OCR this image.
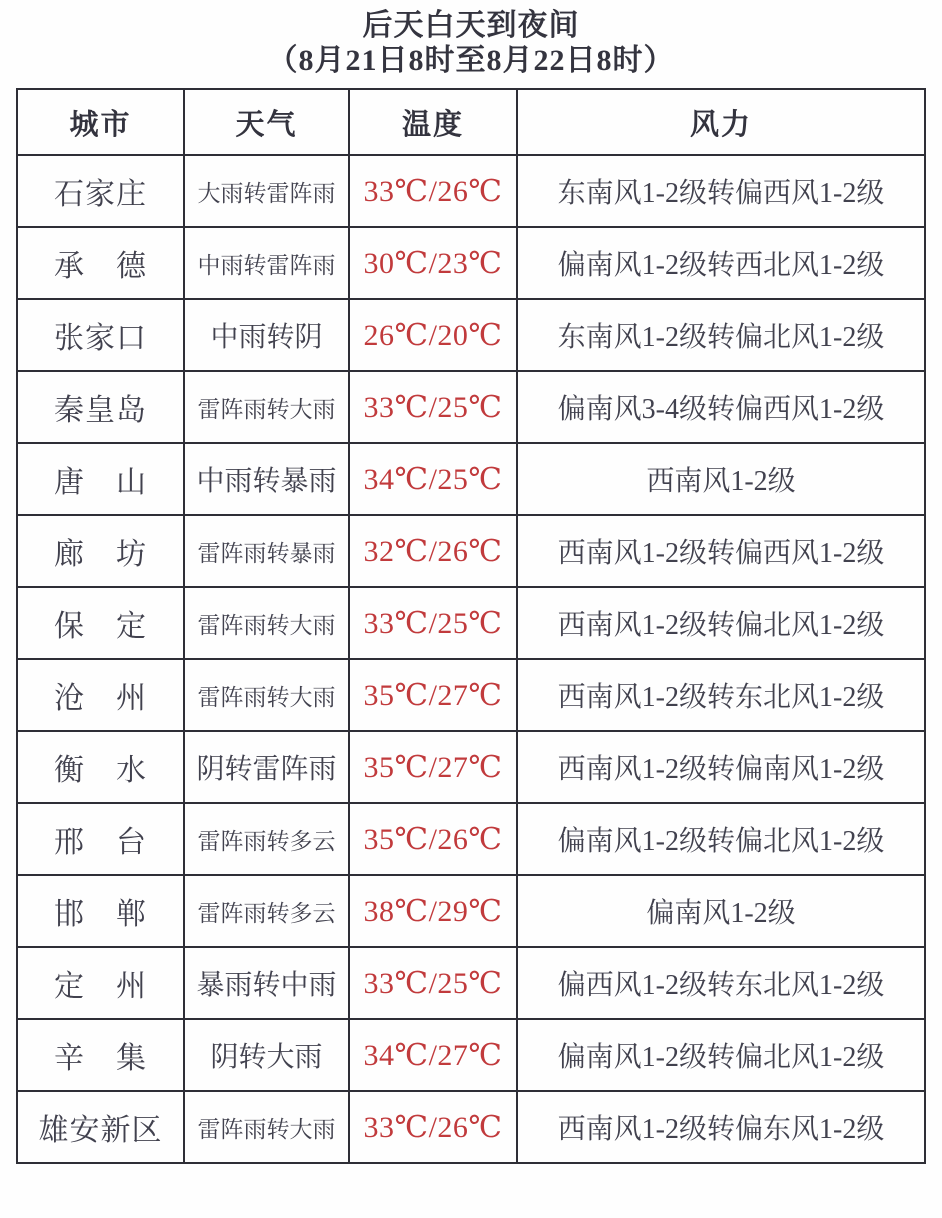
后天白天到夜间
（8月21日8时至8月22日8时）
城市	天气	温度	风力
石家庄	大雨转雷阵雨	33℃/26℃	东南风1-2级转偏西风1-2级
承　德	中雨转雷阵雨	30℃/23℃	偏南风1-2级转西北风1-2级
张家口	中雨转阴	26℃/20℃	东南风1-2级转偏北风1-2级
秦皇岛	雷阵雨转大雨	33℃/25℃	偏南风3-4级转偏西风1-2级
唐　山	中雨转暴雨	34℃/25℃	西南风1-2级
廊　坊	雷阵雨转暴雨	32℃/26℃	西南风1-2级转偏西风1-2级
保　定	雷阵雨转大雨	33℃/25℃	西南风1-2级转偏北风1-2级
沧　州	雷阵雨转大雨	35℃/27℃	西南风1-2级转东北风1-2级
衡　水	阴转雷阵雨	35℃/27℃	西南风1-2级转偏南风1-2级
邢　台	雷阵雨转多云	35℃/26℃	偏南风1-2级转偏北风1-2级
邯　郸	雷阵雨转多云	38℃/29℃	偏南风1-2级
定　州	暴雨转中雨	33℃/25℃	偏西风1-2级转东北风1-2级
辛　集	阴转大雨	34℃/27℃	偏南风1-2级转偏北风1-2级
雄安新区	雷阵雨转大雨	33℃/26℃	西南风1-2级转偏东风1-2级
